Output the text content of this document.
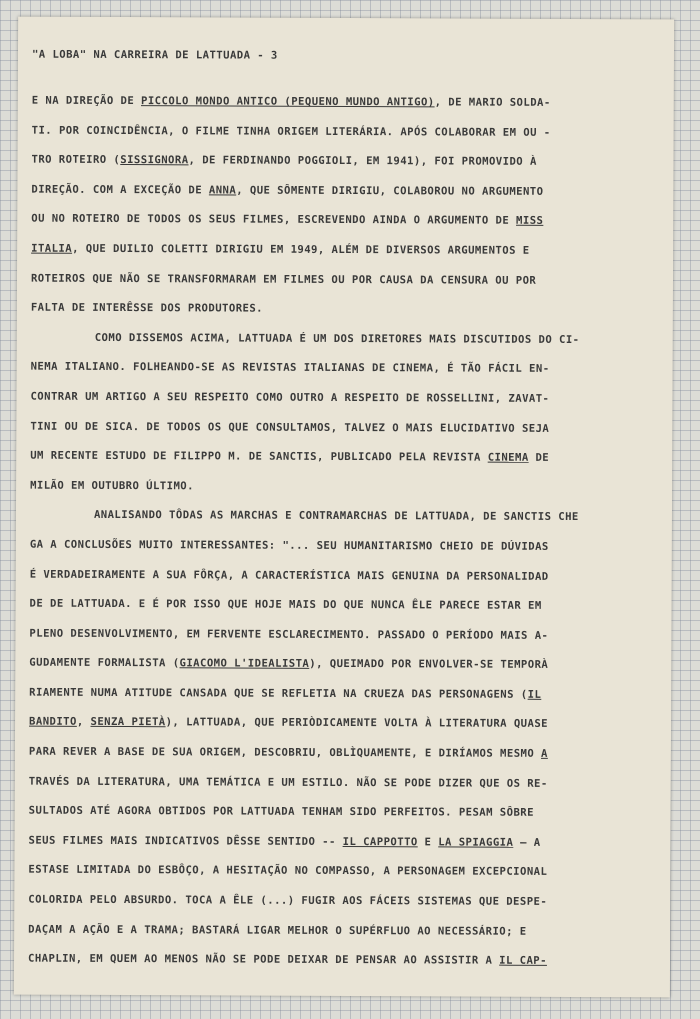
"A LOBA" NA CARREIRA DE LATTUADA - 3
E NA DIREÇÃO DE PICCOLO MONDO ANTICO (PEQUENO MUNDO ANTIGO), DE MARIO SOLDA-
TI. POR COINCIDÊNCIA, O FILME TINHA ORIGEM LITERÁRIA. APÓS COLABORAR EM OU -
TRO ROTEIRO (SISSIGNORA, DE FERDINANDO POGGIOLI, EM 1941), FOI PROMOVIDO À
DIREÇÃO. COM A EXCEÇÃO DE ANNA, QUE SÔMENTE DIRIGIU, COLABOROU NO ARGUMENTO
OU NO ROTEIRO DE TODOS OS SEUS FILMES, ESCREVENDO AINDA O ARGUMENTO DE MISS
ITALIA, QUE DUILIO COLETTI DIRIGIU EM 1949, ALÉM DE DIVERSOS ARGUMENTOS E
ROTEIROS QUE NÃO SE TRANSFORMARAM EM FILMES OU POR CAUSA DA CENSURA OU POR
FALTA DE INTERÊSSE DOS PRODUTORES.
COMO DISSEMOS ACIMA, LATTUADA É UM DOS DIRETORES MAIS DISCUTIDOS DO CI-
NEMA ITALIANO. FOLHEANDO-SE AS REVISTAS ITALIANAS DE CINEMA, É TÃO FÁCIL EN-
CONTRAR UM ARTIGO A SEU RESPEITO COMO OUTRO A RESPEITO DE ROSSELLINI, ZAVAT-
TINI OU DE SICA. DE TODOS OS QUE CONSULTAMOS, TALVEZ O MAIS ELUCIDATIVO SEJA
UM RECENTE ESTUDO DE FILIPPO M. DE SANCTIS, PUBLICADO PELA REVISTA CINEMA DE
MILÃO EM OUTUBRO ÚLTIMO.
ANALISANDO TÔDAS AS MARCHAS E CONTRAMARCHAS DE LATTUADA, DE SANCTIS CHE
GA A CONCLUSÕES MUITO INTERESSANTES: "... SEU HUMANITARISMO CHEIO DE DÚVIDAS
É VERDADEIRAMENTE A SUA FÔRÇA, A CARACTERÍSTICA MAIS GENUINA DA PERSONALIDAD
DE DE LATTUADA. E É POR ISSO QUE HOJE MAIS DO QUE NUNCA ÊLE PARECE ESTAR EM
PLENO DESENVOLVIMENTO, EM FERVENTE ESCLARECIMENTO. PASSADO O PERÍODO MAIS A-
GUDAMENTE FORMALISTA (GIACOMO L'IDEALISTA), QUEIMADO POR ENVOLVER-SE TEMPORÀ
RIAMENTE NUMA ATITUDE CANSADA QUE SE REFLETIA NA CRUEZA DAS PERSONAGENS (IL
BANDITO, SENZA PIETÀ), LATTUADA, QUE PERIÒDICAMENTE VOLTA À LITERATURA QUASE
PARA REVER A BASE DE SUA ORIGEM, DESCOBRIU, OBLÌQUAMENTE, E DIRÍAMOS MESMO A
TRAVÉS DA LITERATURA, UMA TEMÁTICA E UM ESTILO. NÃO SE PODE DIZER QUE OS RE-
SULTADOS ATÉ AGORA OBTIDOS POR LATTUADA TENHAM SIDO PERFEITOS. PESAM SÔBRE
SEUS FILMES MAIS INDICATIVOS DÊSSE SENTIDO -- IL CAPPOTTO E LA SPIAGGIA — A
ESTASE LIMITADA DO ESBÔÇO, A HESITAÇÃO NO COMPASSO, A PERSONAGEM EXCEPCIONAL
COLORIDA PELO ABSURDO. TOCA A ÊLE (...) FUGIR AOS FÁCEIS SISTEMAS QUE DESPE-
DAÇAM A AÇÃO E A TRAMA; BASTARÁ LIGAR MELHOR O SUPÉRFLUO AO NECESSÁRIO; E
CHAPLIN, EM QUEM AO MENOS NÃO SE PODE DEIXAR DE PENSAR AO ASSISTIR A IL CAP-
